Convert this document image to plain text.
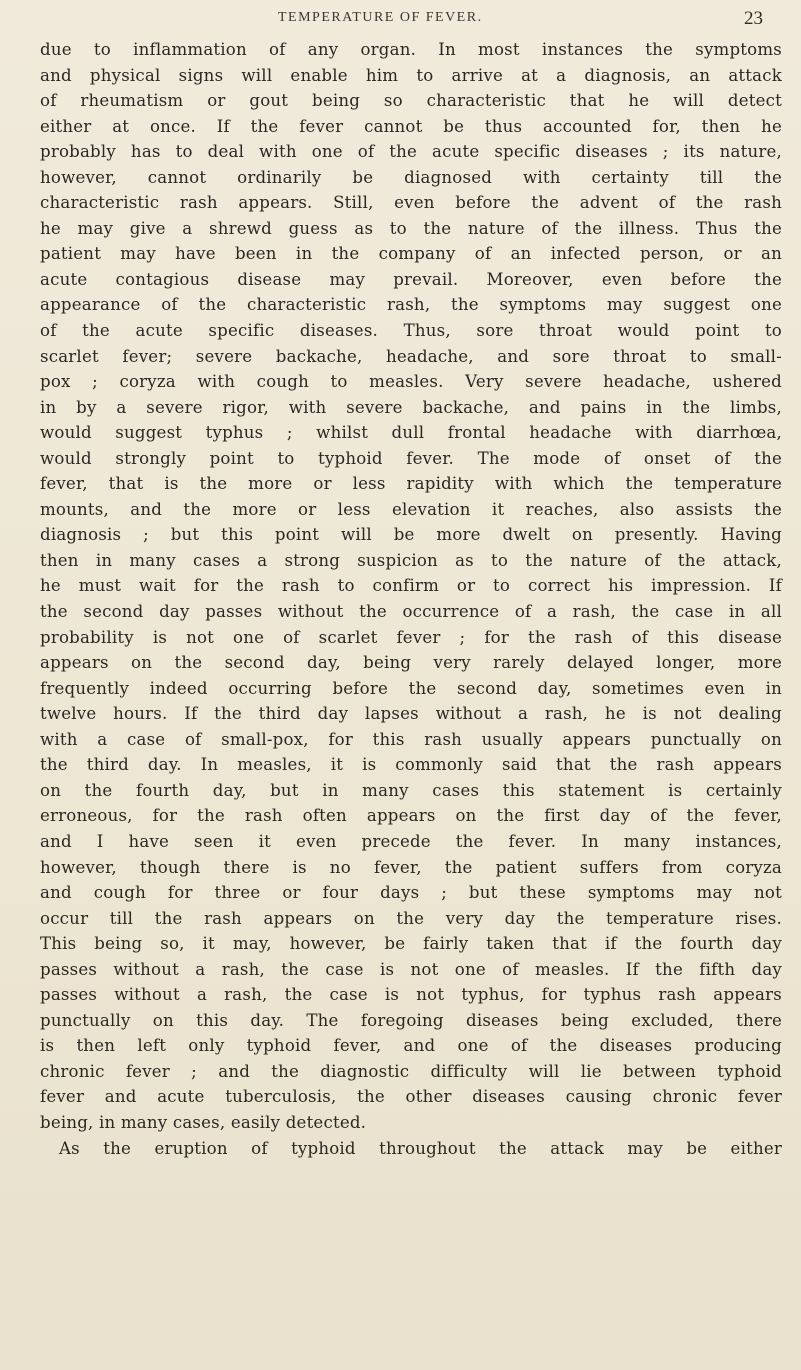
TEMPERATURE OF FEVER.	23
due to inflammation of any organ. In most instances the symptoms
and physical signs will enable him to arrive at a diagnosis, an attack
of rheumatism or gout being so characteristic that he will detect
either at once. If the fever cannot be thus accounted for, then he
probably has to deal with one of the acute specific diseases ; its nature,
however, cannot ordinarily be diagnosed with certainty till the
characteristic rash appears. Still, even before the advent of the rash
he may give a shrewd guess as to the nature of the illness. Thus the
patient may have been in the company of an infected person, or an
acute contagious disease may prevail. Moreover, even before the
appearance of the characteristic rash, the symptoms may suggest one
of the acute specific diseases. Thus, sore throat would point to
scarlet fever; severe backache, headache, and sore throat to small-
pox ; coryza with cough to measles. Very severe headache, ushered
in by a severe rigor, with severe backache, and pains in the limbs,
would suggest typhus ; whilst dull frontal headache with diarrhœa,
would strongly point to typhoid fever. The mode of onset of the
fever, that is the more or less rapidity with which the temperature
mounts, and the more or less elevation it reaches, also assists the
diagnosis ; but this point will be more dwelt on presently. Having
then in many cases a strong suspicion as to the nature of the attack,
he must wait for the rash to confirm or to correct his impression. If
the second day passes without the occurrence of a rash, the case in all
probability is not one of scarlet fever ; for the rash of this disease
appears on the second day, being very rarely delayed longer, more
frequently indeed occurring before the second day, sometimes even in
twelve hours. If the third day lapses without a rash, he is not dealing
with a case of small-pox, for this rash usually appears punctually on
the third day. In measles, it is commonly said that the rash appears
on the fourth day, but in many cases this statement is certainly
erroneous, for the rash often appears on the first day of the fever,
and I have seen it even precede the fever. In many instances,
however, though there is no fever, the patient suffers from coryza
and cough for three or four days ; but these symptoms may not
occur till the rash appears on the very day the temperature rises.
This being so, it may, however, be fairly taken that if the fourth day
passes without a rash, the case is not one of measles. If the fifth day
passes without a rash, the case is not typhus, for typhus rash appears
punctually on this day. The foregoing diseases being excluded, there
is then left only typhoid fever, and one of the diseases producing
chronic fever ; and the diagnostic difficulty will lie between typhoid
fever and acute tuberculosis, the other diseases causing chronic fever
being, in many cases, easily detected.
As the eruption of typhoid throughout the attack may be either
